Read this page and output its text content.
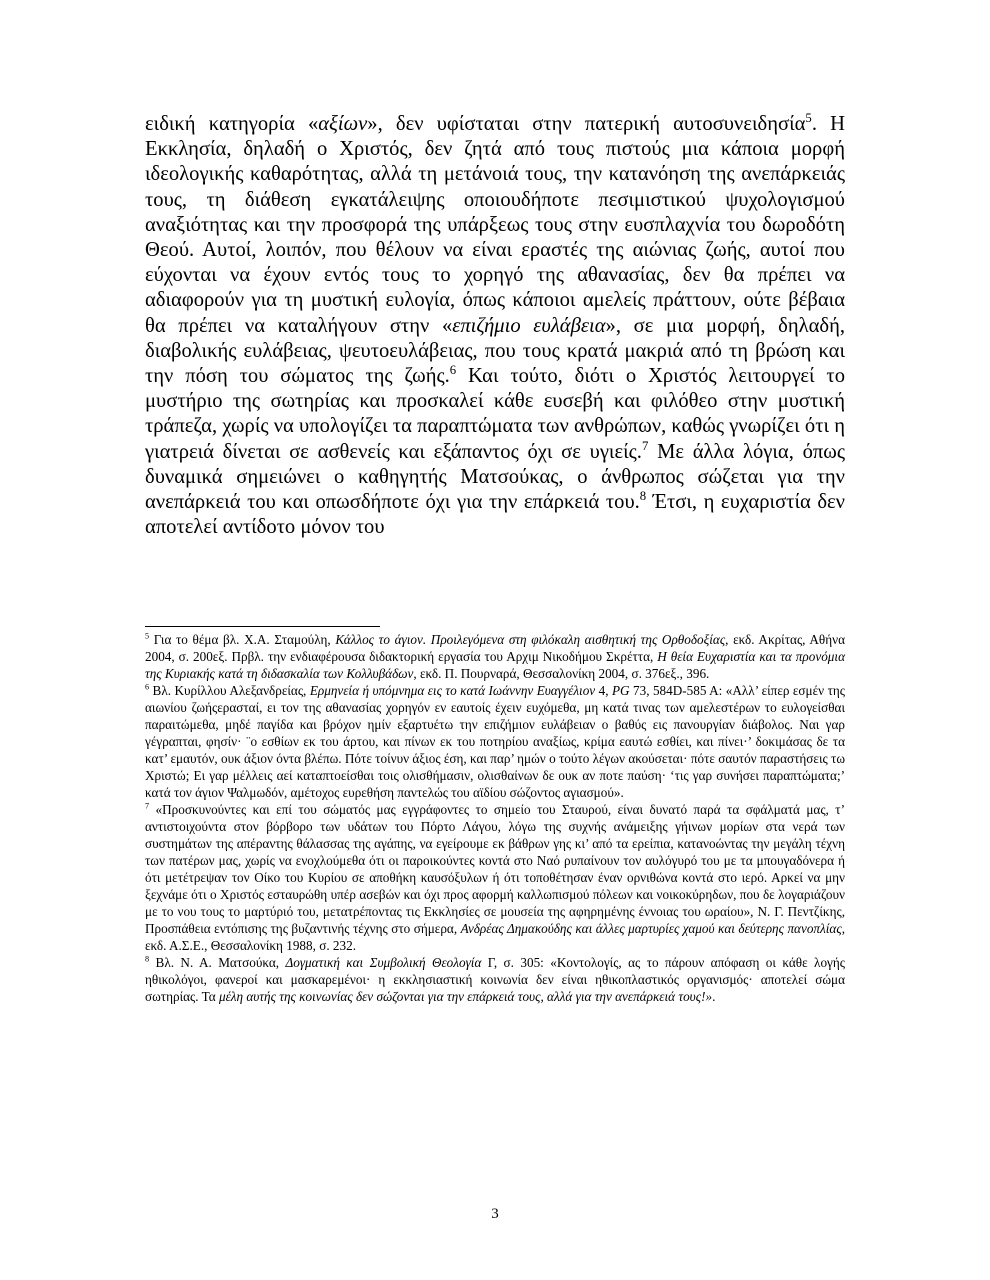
ειδική κατηγορία «αξίων», δεν υφίσταται στην πατερική αυτοσυνειδησία$^5$. Η Εκκλησία, δηλαδή ο Χριστός, δεν ζητά από τους πιστούς μια κάποια μορφή ιδεολογικής καθαρότητας, αλλά τη μετάνοιά τους, την κατανόηση της ανεπάρκειάς τους, τη διάθεση εγκατάλειψης οποιουδήποτε πεσιμιστικού ψυχολογισμού αναξιότητας και την προσφορά της υπάρξεως τους στην ευσπλαχνία του δωροδότη Θεού. Αυτοί, λοιπόν, που θέλουν να είναι εραστές της αιώνιας ζωής, αυτοί που εύχονται να έχουν εντός τους το χορηγό της αθανασίας, δεν θα πρέπει να αδιαφορούν για τη μυστική ευλογία, όπως κάποιοι αμελείς πράττουν, ούτε βέβαια θα πρέπει να καταλήγουν στην «επιζήμιο ευλάβεια», σε μια μορφή, δηλαδή, διαβολικής ευλάβειας, ψευτοευλάβειας, που τους κρατά μακριά από τη βρώση και την πόση του σώματος της ζωής.$^6$ Και τούτο, διότι ο Χριστός λειτουργεί το μυστήριο της σωτηρίας και προσκαλεί κάθε ευσεβή και φιλόθεο στην μυστική τράπεζα, χωρίς να υπολογίζει τα παραπτώματα των ανθρώπων, καθώς γνωρίζει ότι η γιατρειά δίνεται σε ασθενείς και εξάπαντος όχι σε υγιείς.$^7$ Με άλλα λόγια, όπως δυναμικά σημειώνει ο καθηγητής Ματσούκας, ο άνθρωπος σώζεται για την ανεπάρκειά του και οπωσδήποτε όχι για την επάρκειά του.$^8$ Έτσι, η ευχαριστία δεν αποτελεί αντίδοτο μόνον του

$^5$ Για το θέμα βλ. Χ.Α. Σταμούλη, Κάλλος το άγιον. Προιλεγόμενα στη φιλόκαλη αισθητική της Ορθοδοξίας, εκδ. Ακρίτας, Αθήνα 2004, σ. 200εξ. Πρβλ. την ενδιαφέρουσα διδακτορική εργασία του Αρχιμ Νικοδήμου Σκρέττα, Η θεία Ευχαριστία και τα προνόμια της Κυριακής κατά τη διδασκαλία των Κολλυβάδων, εκδ. Π. Πουρναρά, Θεσσαλονίκη 2004, σ. 376εξ., 396.

$^6$ Βλ. Κυρίλλου Αλεξανδρείας, Ερμηνεία ή υπόμνημα εις το κατά Ιωάννην Ευαγγέλιον 4, PG 73, 584D-585 A: «Αλλ’ είπερ εσμέν της αιωνίου ζωήςερασταί, ει τον της αθανασίας χορηγόν εν εαυτοίς έχειν ευχόμεθα, μη κατά τινας των αμελεστέρων το ευλογείσθαι παραιτώμεθα, μηδέ παγίδα και βρόχον ημίν εξαρτυέτω την επιζήμιον ευλάβειαν ο βαθύς εις πανουργίαν διάβολος. Ναι γαρ γέγραπται, φησίν· ¨ο εσθίων εκ του άρτου, και πίνων εκ του ποτηρίου αναξίως, κρίμα εαυτώ εσθίει, και πίνει·’ δοκιμάσας δε τα κατ’ εμαυτόν, ουκ άξιον όντα βλέπω. Πότε τοίνυν άξιος έση, και παρ’ ημών ο τούτο λέγων ακούσεται· πότε σαυτόν παραστήσεις τω Χριστώ; Ει γαρ μέλλεις αεί καταπτοείσθαι τοις ολισθήμασιν, ολισθαίνων δε ουκ αν ποτε παύση· ‘τις γαρ συνήσει παραπτώματα;’ κατά τον άγιον Ψαλμωδόν, αμέτοχος ευρεθήση παντελώς του αϊδίου σώζοντος αγιασμού».

$^7$ «Προσκυνούντες και επί του σώματός μας εγγράφοντες το σημείο του Σταυρού, είναι δυνατό παρά τα σφάλματά μας, τ’ αντιστοιχούντα στον βόρβορο των υδάτων του Πόρτο Λάγου, λόγω της συχνής ανάμειξης γήινων μορίων στα νερά των συστημάτων της απέραντης θάλασσας της αγάπης, να εγείρουμε εκ βάθρων γης κι’ από τα ερείπια, κατανοώντας την μεγάλη τέχνη των πατέρων μας, χωρίς να ενοχλούμεθα ότι οι παροικούντες κοντά στο Ναό ρυπαίνουν τον αυλόγυρό του με τα μπουγαδόνερα ή ότι μετέτρεψαν τον Οίκο του Κυρίου σε αποθήκη καυσόξυλων ή ότι τοποθέτησαν έναν ορνιθώνα κοντά στο ιερό. Αρκεί να μην ξεχνάμε ότι ο Χριστός εσταυρώθη υπέρ ασεβών και όχι προς αφορμή καλλωπισμού πόλεων και νοικοκύρηδων, που δε λογαριάζουν με το νου τους το μαρτύριό του, μετατρέποντας τις Εκκλησίες σε μουσεία της αφηρημένης έννοιας του ωραίου», Ν. Γ. Πεντζίκης, Προσπάθεια εντόπισης της βυζαντινής τέχνης στο σήμερα, Ανδρέας Δημακούδης και άλλες μαρτυρίες χαμού και δεύτερης πανοπλίας, εκδ. Α.Σ.Ε., Θεσσαλονίκη 1988, σ. 232.

$^8$ Βλ. Ν. Α. Ματσούκα, Δογματική και Συμβολική Θεολογία Γ, σ. 305: «Κοντολογίς, ας το πάρουν απόφαση οι κάθε λογής ηθικολόγοι, φανεροί και μασκαρεμένοι· η εκκλησιαστική κοινωνία δεν είναι ηθικοπλαστικός οργανισμός· αποτελεί σώμα σωτηρίας. Τα μέλη αυτής της κοινωνίας δεν σώζονται για την επάρκειά τους, αλλά για την ανεπάρκειά τους!».

3
